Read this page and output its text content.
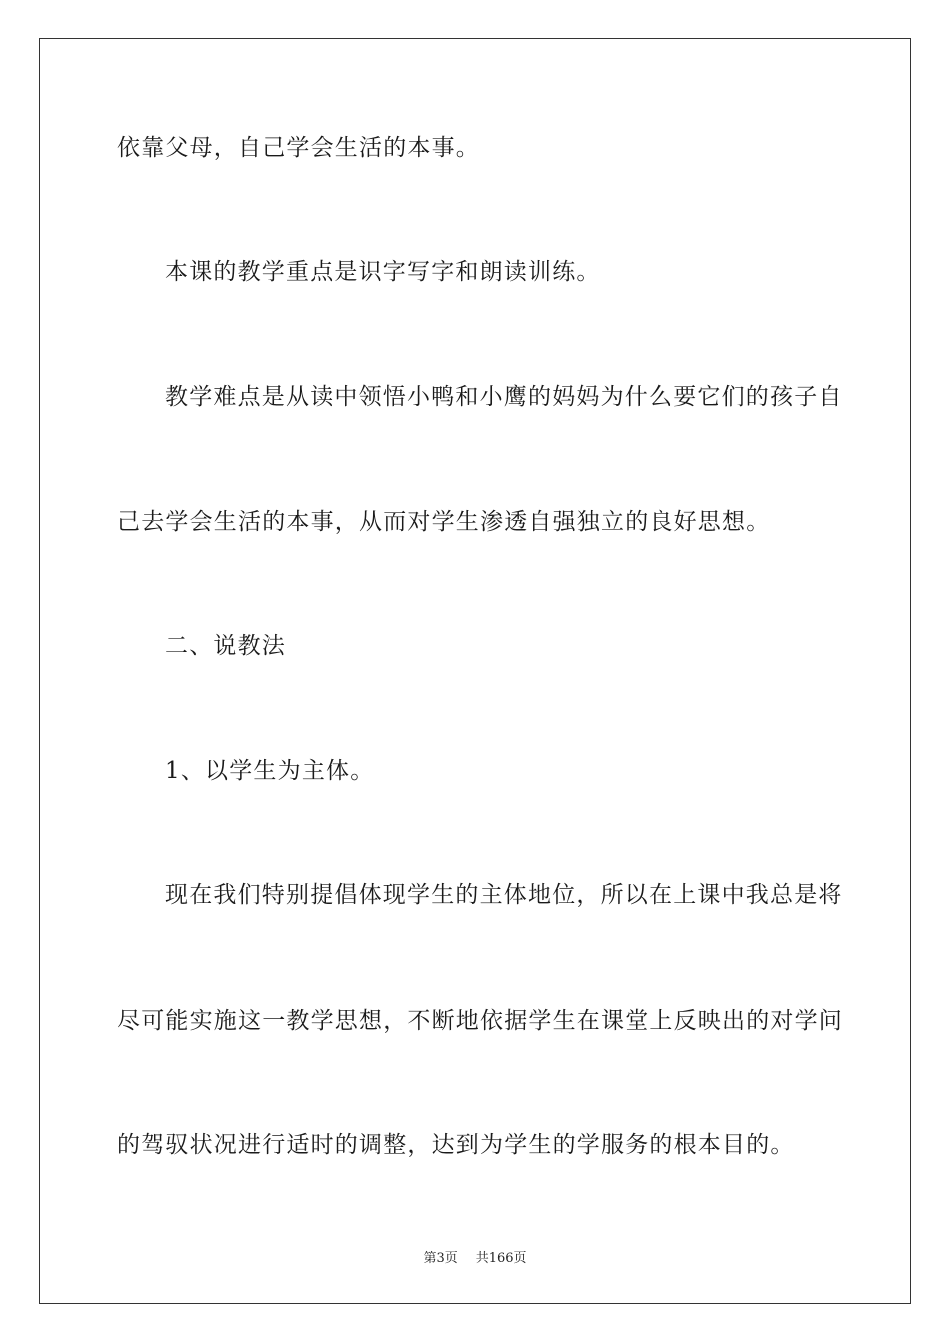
依靠父母，自己学会生活的本事。
本课的教学重点是识字写字和朗读训练。
教学难点是从读中领悟小鸭和小鹰的妈妈为什么要它们的孩子自
己去学会生活的本事，从而对学生渗透自强独立的良好思想。
二、说教法
1、以学生为主体。
现在我们特别提倡体现学生的主体地位，所以在上课中我总是将
尽可能实施这一教学思想，不断地依据学生在课堂上反映出的对学问
的驾驭状况进行适时的调整，达到为学生的学服务的根本目的。
第3页 共166页
